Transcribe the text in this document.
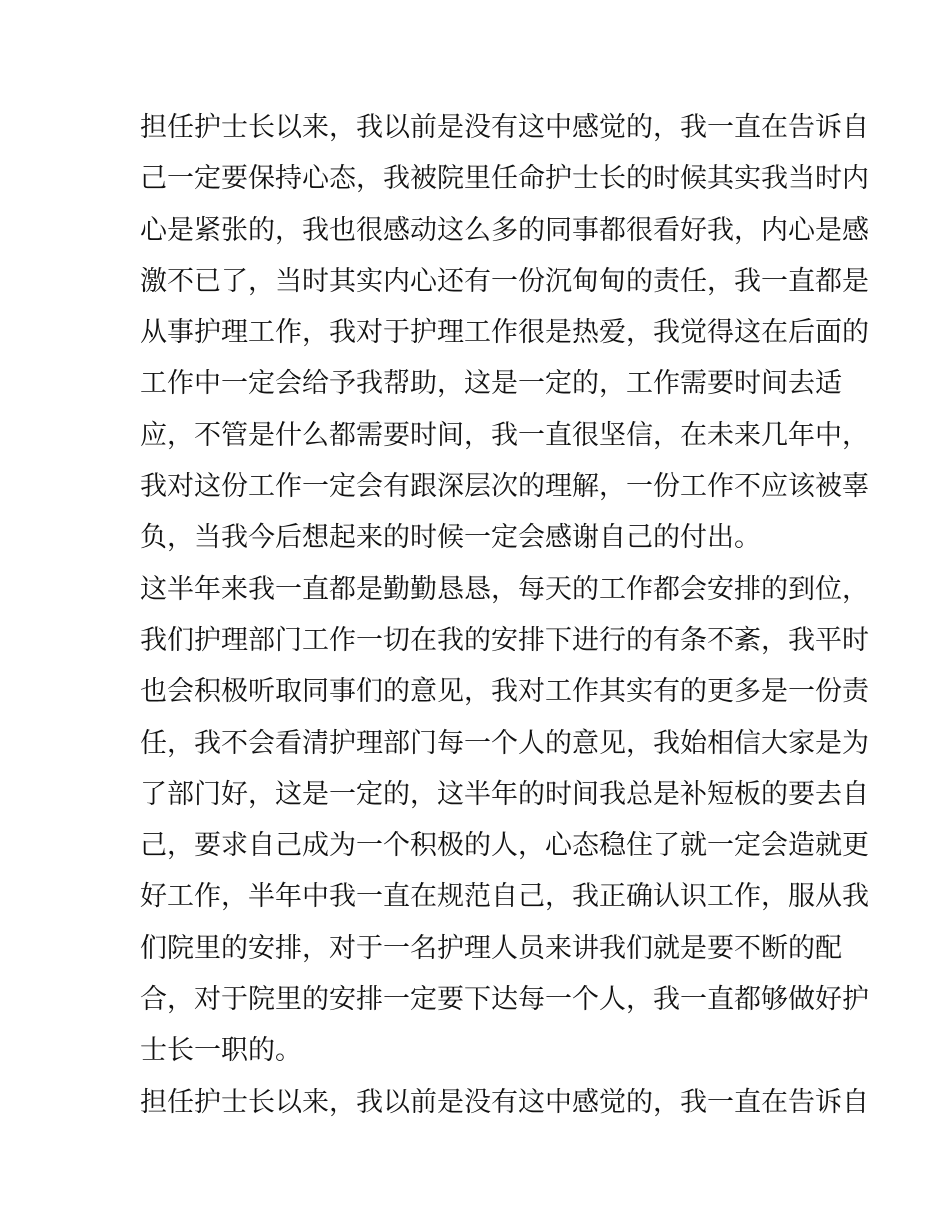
担任护士长以来，我以前是没有这中感觉的，我一直在告诉自
己一定要保持心态，我被院里任命护士长的时候其实我当时内
心是紧张的，我也很感动这么多的同事都很看好我，内心是感
激不已了，当时其实内心还有一份沉甸甸的责任，我一直都是
从事护理工作，我对于护理工作很是热爱，我觉得这在后面的
工作中一定会给予我帮助，这是一定的，工作需要时间去适
应，不管是什么都需要时间，我一直很坚信，在未来几年中，
我对这份工作一定会有跟深层次的理解，一份工作不应该被辜
负，当我今后想起来的时候一定会感谢自己的付出。
这半年来我一直都是勤勤恳恳，每天的工作都会安排的到位，
我们护理部门工作一切在我的安排下进行的有条不紊，我平时
也会积极听取同事们的意见，我对工作其实有的更多是一份责
任，我不会看清护理部门每一个人的意见，我始相信大家是为
了部门好，这是一定的，这半年的时间我总是补短板的要去自
己，要求自己成为一个积极的人，心态稳住了就一定会造就更
好工作，半年中我一直在规范自己，我正确认识工作，服从我
们院里的安排，对于一名护理人员来讲我们就是要不断的配
合，对于院里的安排一定要下达每一个人，我一直都够做好护
士长一职的。
担任护士长以来，我以前是没有这中感觉的，我一直在告诉自
